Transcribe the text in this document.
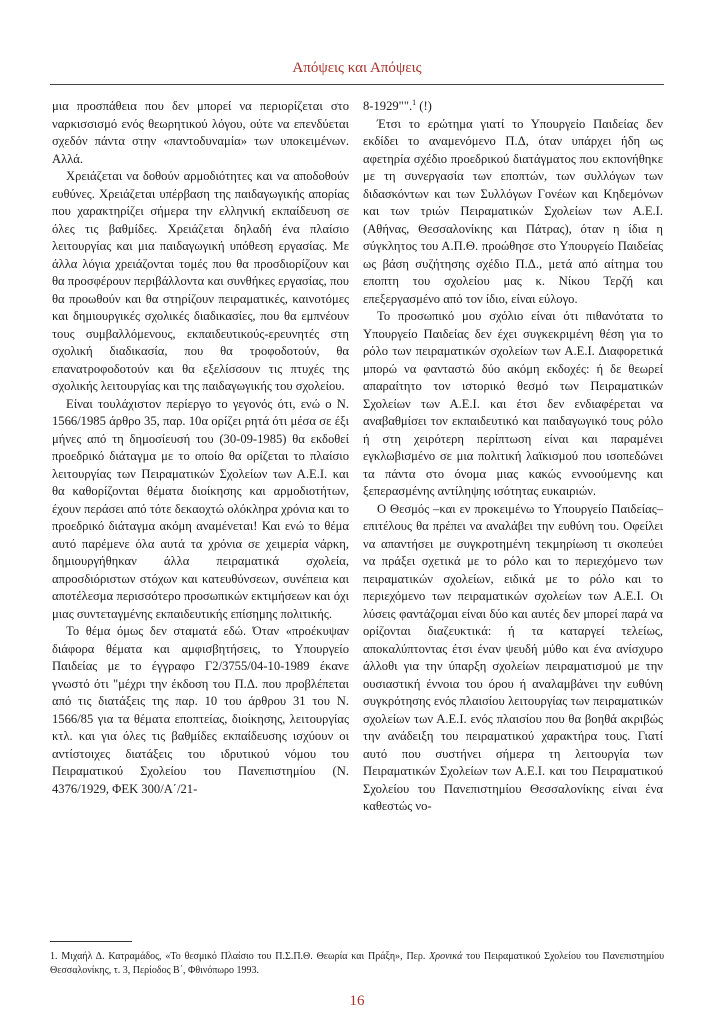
Απόψεις και Απόψεις

μια προσπάθεια που δεν μπορεί να περιορίζεται στο ναρκισσισμό ενός θεωρητικού λόγου, ούτε να επενδύεται σχεδόν πάντα στην «παντοδυναμία» των υποκειμένων. Αλλά.

Χρειάζεται να δοθούν αρμοδιότητες και να αποδοθούν ευθύνες. Χρειάζεται υπέρβαση της παιδαγωγικής απορίας που χαρακτηρίζει σήμερα την ελληνική εκπαίδευση σε όλες τις βαθμίδες. Χρειάζεται δηλαδή ένα πλαίσιο λειτουργίας και μια παιδαγωγική υπόθεση εργασίας. Με άλλα λόγια χρειάζονται τομές που θα προσδιορίζουν και θα προσφέρουν περιβάλλοντα και συνθήκες εργασίας, που θα προωθούν και θα στηρίζουν πειραματικές, καινοτόμες και δημιουργικές σχολικές διαδικασίες, που θα εμπνέουν τους συμβαλλόμενους, εκπαιδευτικούς-ερευνητές στη σχολική διαδικασία, που θα τροφοδοτούν, θα επανατροφοδοτούν και θα εξελίσσουν τις πτυχές της σχολικής λειτουργίας και της παιδαγωγικής του σχολείου.

Είναι τουλάχιστον περίεργο το γεγονός ότι, ενώ ο Ν. 1566/1985 άρθρο 35, παρ. 10α ορίζει ρητά ότι μέσα σε έξι μήνες από τη δημοσίευσή του (30-09-1985) θα εκδοθεί προεδρικό διάταγμα με το οποίο θα ορίζεται το πλαίσιο λειτουργίας των Πειραματικών Σχολείων των Α.Ε.Ι. και θα καθορίζονται θέματα διοίκησης και αρμοδιοτήτων, έχουν περάσει από τότε δεκαοχτώ ολόκληρα χρόνια και το προεδρικό διάταγμα ακόμη αναμένεται! Και ενώ το θέμα αυτό παρέμενε όλα αυτά τα χρόνια σε χειμερία νάρκη, δημιουργήθηκαν άλλα πειραματικά σχολεία, απροσδιόριστων στόχων και κατευθύνσεων, συνέπεια και αποτέλεσμα περισσότερο προσωπικών εκτιμήσεων και όχι μιας συντεταγμένης εκπαιδευτικής επίσημης πολιτικής.

Το θέμα όμως δεν σταματά εδώ. Όταν «προέκυψαν διάφορα θέματα και αμφισβητήσεις, το Υπουργείο Παιδείας με το έγγραφο Γ2/3755/04-10-1989 έκανε γνωστό ότι "μέχρι την έκδοση του Π.Δ. που προβλέπεται από τις διατάξεις της παρ. 10 του άρθρου 31 του Ν. 1566/85 για τα θέματα εποπτείας, διοίκησης, λειτουργίας κτλ. και για όλες τις βαθμίδες εκπαίδευσης ισχύουν οι αντίστοιχες διατάξεις του ιδρυτικού νόμου του Πειραματικού Σχολείου του Πανεπιστημίου (Ν. 4376/1929, ΦΕΚ 300/Α΄/21-

8-1929"".$^1$ (!)

Έτσι το ερώτημα γιατί το Υπουργείο Παιδείας δεν εκδίδει το αναμενόμενο Π.Δ, όταν υπάρχει ήδη ως αφετηρία σχέδιο προεδρικού διατάγματος που εκπονήθηκε με τη συνεργασία των εποπτών, των συλλόγων των διδασκόντων και των Συλλόγων Γονέων και Κηδεμόνων και των τριών Πειραματικών Σχολείων των Α.Ε.Ι. (Αθήνας, Θεσσαλονίκης και Πάτρας), όταν η ίδια η σύγκλητος του Α.Π.Θ. προώθησε στο Υπουργείο Παιδείας ως βάση συζήτησης σχέδιο Π.Δ., μετά από αίτημα του εποπτη του σχολείου μας κ. Νίκου Τερζή και επεξεργασμένο από τον ίδιο, είναι εύλογο.

Το προσωπικό μου σχόλιο είναι ότι πιθανότατα το Υπουργείο Παιδείας δεν έχει συγκεκριμένη θέση για το ρόλο των πειραματικών σχολείων των Α.Ε.Ι. Διαφορετικά μπορώ να φανταστώ δύο ακόμη εκδοχές: ή δε θεωρεί απαραίτητο τον ιστορικό θεσμό των Πειραματικών Σχολείων των Α.Ε.Ι. και έτσι δεν ενδιαφέρεται να αναβαθμίσει τον εκπαιδευτικό και παιδαγωγικό τους ρόλο ή στη χειρότερη περίπτωση είναι και παραμένει εγκλωβισμένο σε μια πολιτική λαϊκισμού που ισοπεδώνει τα πάντα στο όνομα μιας κακώς εννοούμενης και ξεπερασμένης αντίληψης ισότητας ευκαιριών.

Ο Θεσμός –και εν προκειμένω το Υπουργείο Παιδείας– επιτέλους θα πρέπει να αναλάβει την ευθύνη του. Οφείλει να απαντήσει με συγκροτημένη τεκμηρίωση τι σκοπεύει να πράξει σχετικά με το ρόλο και το περιεχόμενο των πειραματικών σχολείων, ειδικά με το ρόλο και το περιεχόμενο των πειραματικών σχολείων των Α.Ε.Ι. Οι λύσεις φαντάζομαι είναι δύο και αυτές δεν μπορεί παρά να ορίζονται διαζευκτικά: ή τα καταργεί τελείως, αποκαλύπτοντας έτσι έναν ψευδή μύθο και ένα ανίσχυρο άλλοθι για την ύπαρξη σχολείων πειραματισμού με την ουσιαστική έννοια του όρου ή αναλαμβάνει την ευθύνη συγκρότησης ενός πλαισίου λειτουργίας των πειραματικών σχολείων των Α.Ε.Ι. ενός πλαισίου που θα βοηθά ακριβώς την ανάδειξη του πειραματικού χαρακτήρα τους. Γιατί αυτό που συστήνει σήμερα τη λειτουργία των Πειραματικών Σχολείων των Α.Ε.Ι. και του Πειραματικού Σχολείου του Πανεπιστημίου Θεσσαλονίκης είναι ένα καθεστώς νο-

1. Μιχαήλ Δ. Κατραμάδος, «Το θεσμικό Πλαίσιο του Π.Σ.Π.Θ. Θεωρία και Πράξη», Περ. Χρονικά του Πειραματικού Σχολείου του Πανεπιστημίου Θεσσαλονίκης, τ. 3, Περίοδος Β΄, Φθινόπωρο 1993.
16
